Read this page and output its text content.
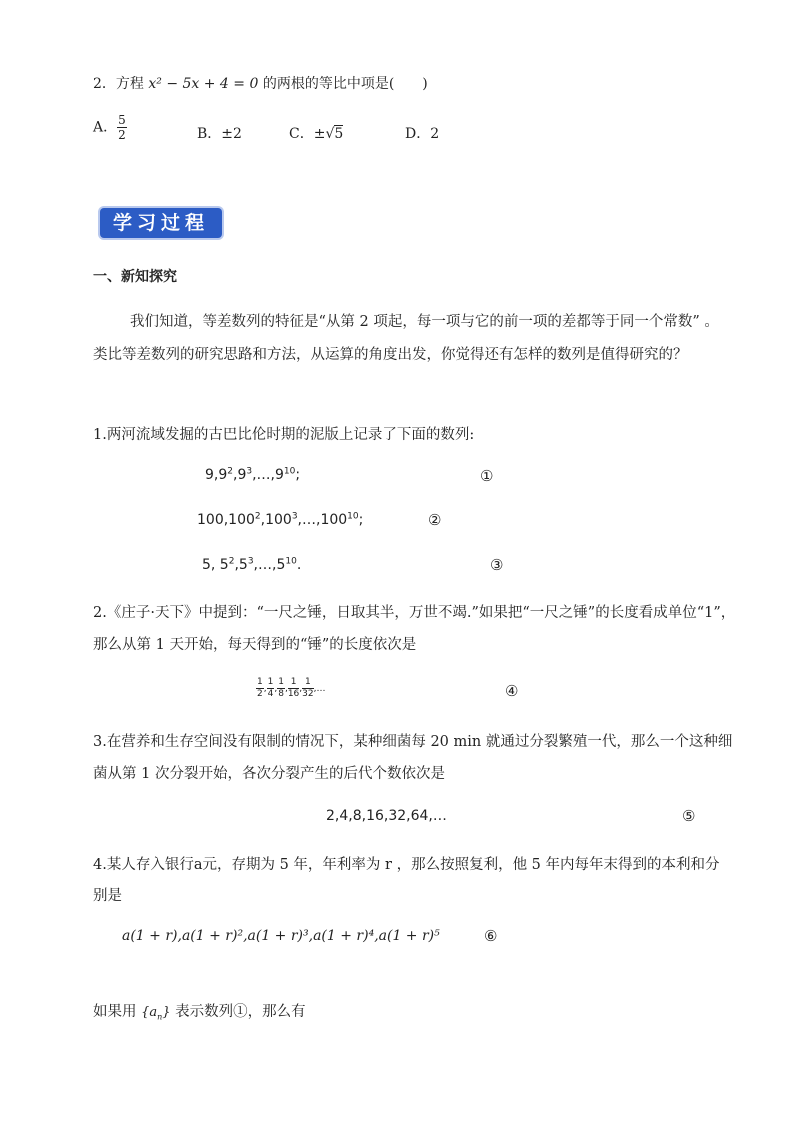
2．方程 x² − 5x + 4 = 0 的两根的等比中项是(　　)
A． $\frac{5}{2}$	B．±2	C．±√5	D．2
学习过程
一、新知探究
我们知道，等差数列的特征是“从第 2 项起，每一项与它的前一项的差都等于同一个常数” 。
类比等差数列的研究思路和方法，从运算的角度出发，你觉得还有怎样的数列是值得研究的？
1.两河流域发掘的古巴比伦时期的泥版上记录了下面的数列:
$9,9^2,9^3,\dots,9^{10}$;	①
100,100$^2$,100$^3$,…,100$^{10}$;	②
5, $5^2,5^3,\dots,5^{10}$.	③
2.《庄子·天下》中提到：“一尺之锤，日取其半，万世不竭.”如果把“一尺之锤”的长度看成单位“1”，
那么从第 1 天开始，每天得到的“锤”的长度依次是
$\frac{1}{2}$ , $\frac{1}{4}$ , $\frac{1}{8}$ , $\frac{1}{16}$ , $\frac{1}{32}$ ,…	④
3.在营养和生存空间没有限制的情况下，某种细菌每 20 min 就通过分裂繁殖一代，那么一个这种细
菌从第 1 次分裂开始，各次分裂产生的后代个数依次是
2,4,8,16,32,64,…	⑤
4.某人存入银行a元，存期为 5 年，年利率为 r ，那么按照复利，他 5 年内每年末得到的本利和分
别是
a(1 + r),a(1 + r)²,a(1 + r)³,a(1 + r)⁴,a(1 + r)⁵	⑥
如果用 $\{a_n\}$ 表示数列①，那么有
